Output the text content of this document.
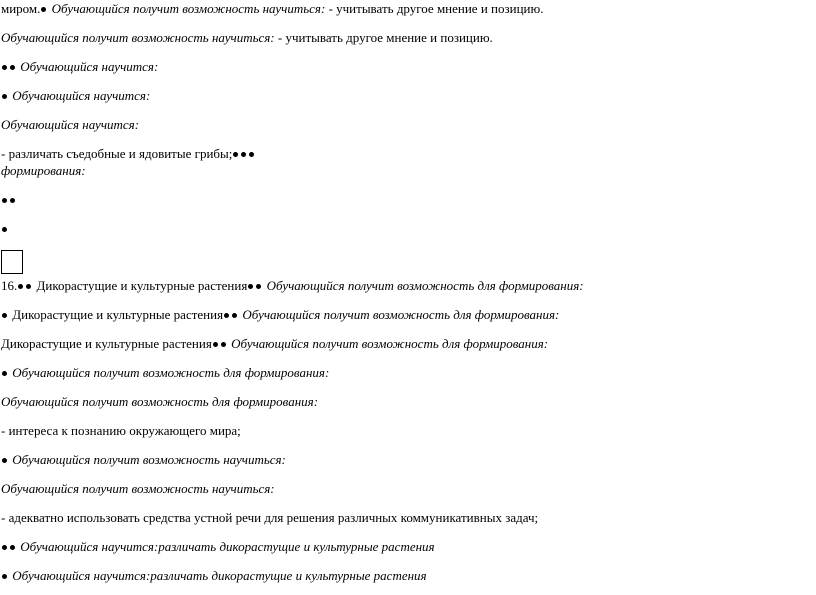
миром. Обучающийся получит возможность научиться: - учитывать другое мнение и позицию.
Обучающийся получит возможность научиться: - учитывать другое мнение и позицию.
Обучающийся научится:
Обучающийся научится:
Обучающийся научится:
- различать съедобные и ядовитые грибы;
формирования:
16. Дикорастущие и культурные растения Обучающийся получит возможность для формирования:
Дикорастущие и культурные растения Обучающийся получит возможность для формирования:
Дикорастущие и культурные растения Обучающийся получит возможность для формирования:
Обучающийся получит возможность для формирования:
Обучающийся получит возможность для формирования:
- интереса к познанию окружающего мира;
Обучающийся получит возможность научиться:
Обучающийся получит возможность научиться:
- адекватно использовать средства устной речи для решения различных коммуникативных задач;
Обучающийся научится:различать дикорастущие и культурные растения
Обучающийся научится:различать дикорастущие и культурные растения
